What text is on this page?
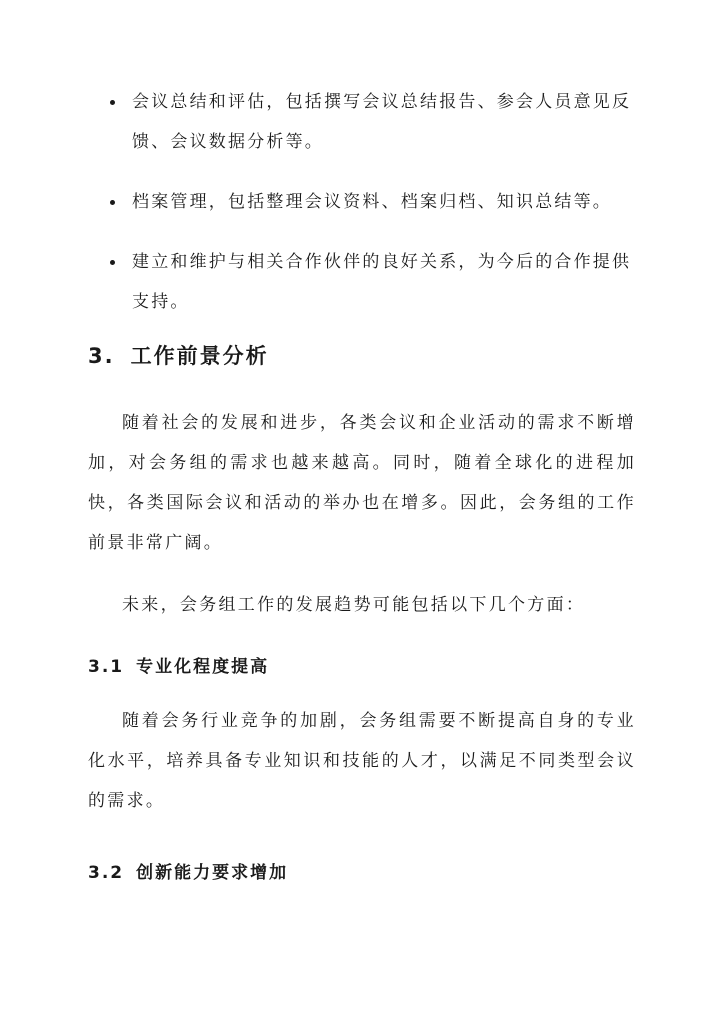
会议总结和评估，包括撰写会议总结报告、参会人员意见反馈、会议数据分析等。
档案管理，包括整理会议资料、档案归档、知识总结等。
建立和维护与相关合作伙伴的良好关系，为今后的合作提供支持。
3. 工作前景分析

随着社会的发展和进步，各类会议和企业活动的需求不断增加，对会务组的需求也越来越高。同时，随着全球化的进程加快，各类国际会议和活动的举办也在增多。因此，会务组的工作前景非常广阔。

未来，会务组工作的发展趋势可能包括以下几个方面：

3.1 专业化程度提高

随着会务行业竞争的加剧，会务组需要不断提高自身的专业化水平，培养具备专业知识和技能的人才，以满足不同类型会议的需求。

3.2 创新能力要求增加
